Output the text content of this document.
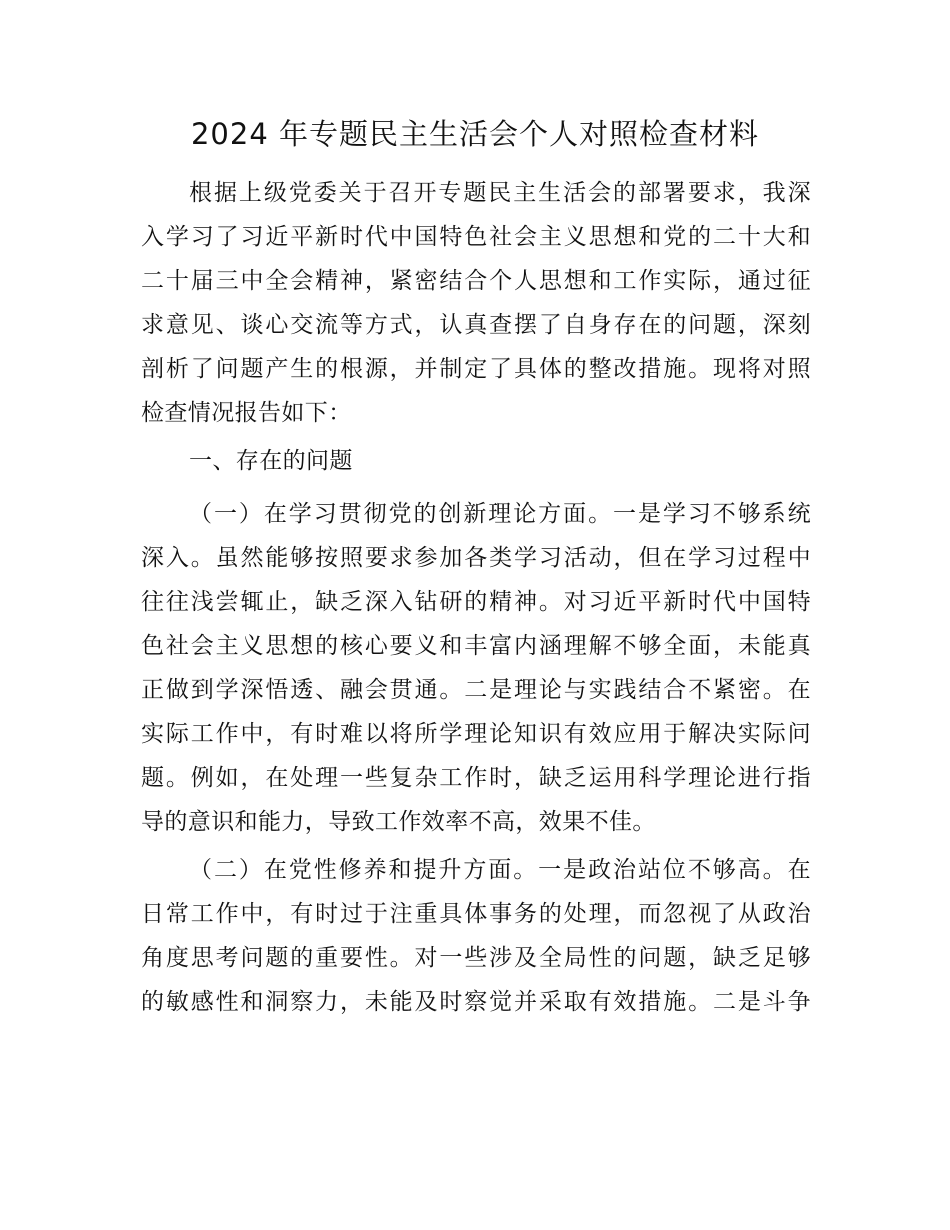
2024 年专题民主生活会个人对照检查材料
根据上级党委关于召开专题民主生活会的部署要求，我深
入学习了习近平新时代中国特色社会主义思想和党的二十大和
二十届三中全会精神，紧密结合个人思想和工作实际，通过征
求意见、谈心交流等方式，认真查摆了自身存在的问题，深刻
剖析了问题产生的根源，并制定了具体的整改措施。现将对照
检查情况报告如下：
一、存在的问题
（一）在学习贯彻党的创新理论方面。一是学习不够系统
深入。虽然能够按照要求参加各类学习活动，但在学习过程中
往往浅尝辄止，缺乏深入钻研的精神。对习近平新时代中国特
色社会主义思想的核心要义和丰富内涵理解不够全面，未能真
正做到学深悟透、融会贯通。二是理论与实践结合不紧密。在
实际工作中，有时难以将所学理论知识有效应用于解决实际问
题。例如，在处理一些复杂工作时，缺乏运用科学理论进行指
导的意识和能力，导致工作效率不高，效果不佳。
（二）在党性修养和提升方面。一是政治站位不够高。在
日常工作中，有时过于注重具体事务的处理，而忽视了从政治
角度思考问题的重要性。对一些涉及全局性的问题，缺乏足够
的敏感性和洞察力，未能及时察觉并采取有效措施。二是斗争
